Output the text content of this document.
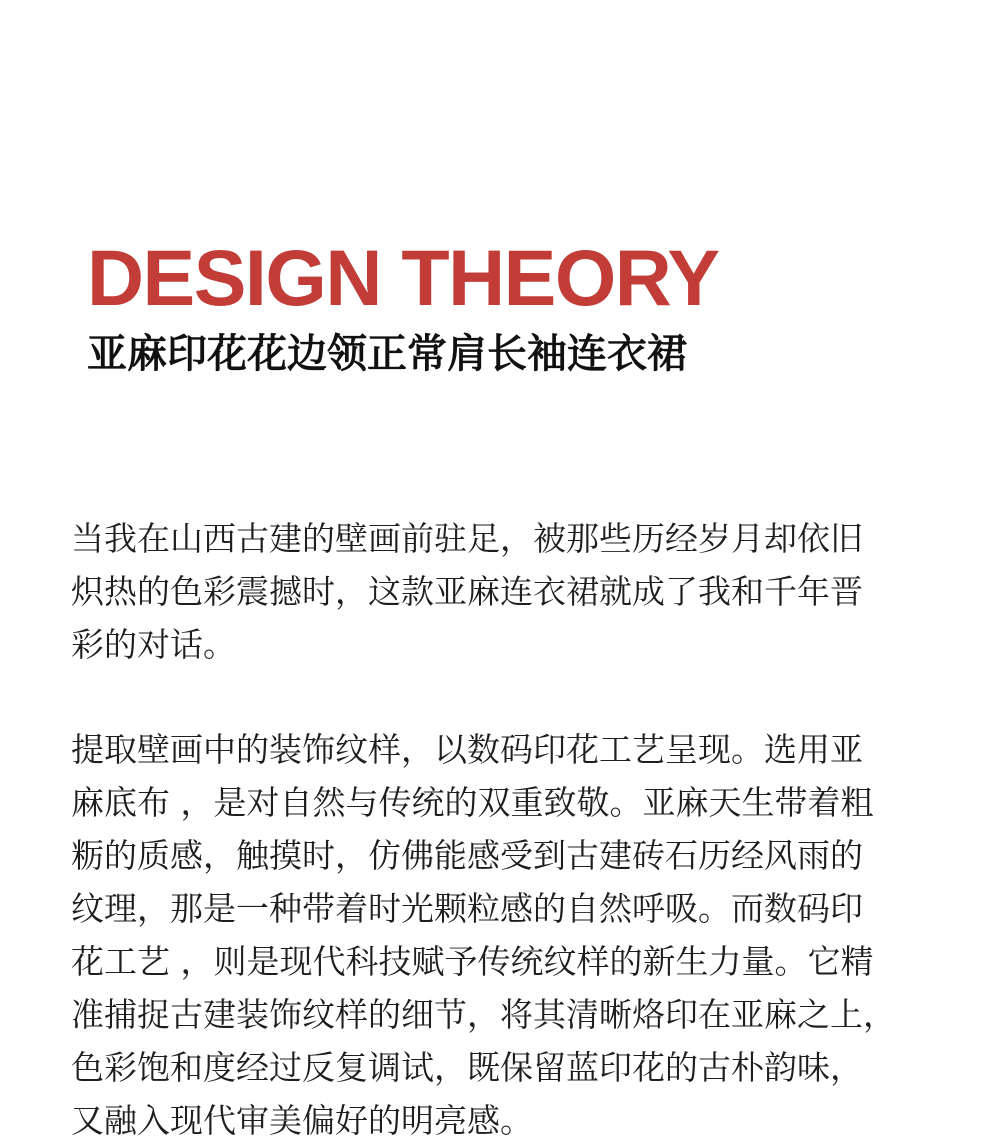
DESIGN THEORY
亚麻印花花边领正常肩长袖连衣裙

当我在山西古建的壁画前驻足，被那些历经岁月却依旧
炽热的色彩震撼时，这款亚麻连衣裙就成了我和千年晋
彩的对话。

提取壁画中的装饰纹样，以数码印花工艺呈现。选用亚
麻底布 ，是对自然与传统的双重致敬。亚麻天生带着粗
粝的质感，触摸时，仿佛能感受到古建砖石历经风雨的
纹理，那是一种带着时光颗粒感的自然呼吸。而数码印
花工艺 ，则是现代科技赋予传统纹样的新生力量。它精
准捕捉古建装饰纹样的细节，将其清晰烙印在亚麻之上，
色彩饱和度经过反复调试，既保留蓝印花的古朴韵味，
又融入现代审美偏好的明亮感。
